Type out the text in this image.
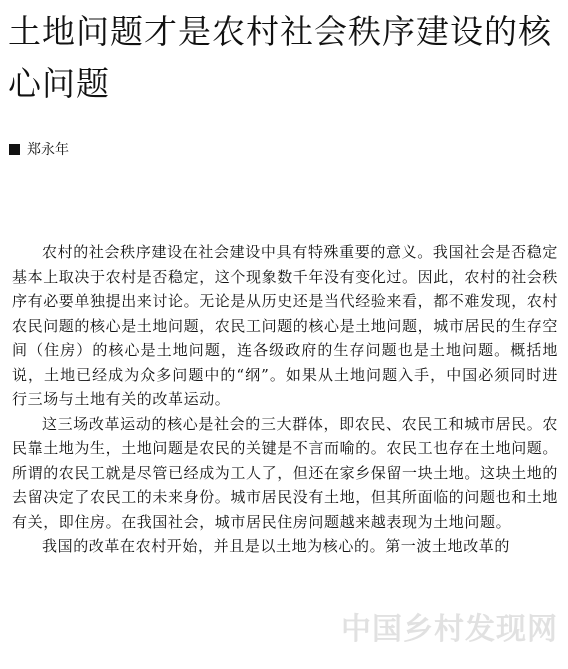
土地问题才是农村社会秩序建设的核心问题
郑永年

农村的社会秩序建设在社会建设中具有特殊重要的意义。我国社会是否稳定基本上取决于农村是否稳定，这个现象数千年没有变化过。因此，农村的社会秩序有必要单独提出来讨论。无论是从历史还是当代经验来看，都不难发现，农村农民问题的核心是土地问题，农民工问题的核心是土地问题，城市居民的生存空间（住房）的核心是土地问题，连各级政府的生存问题也是土地问题。概括地说，土地已经成为众多问题中的“纲”。如果从土地问题入手，中国必须同时进行三场与土地有关的改革运动。

这三场改革运动的核心是社会的三大群体，即农民、农民工和城市居民。农民靠土地为生，土地问题是农民的关键是不言而喻的。农民工也存在土地问题。所谓的农民工就是尽管已经成为工人了，但还在家乡保留一块土地。这块土地的去留决定了农民工的未来身份。城市居民没有土地，但其所面临的问题也和土地有关，即住房。在我国社会，城市居民住房问题越来越表现为土地问题。

我国的改革在农村开始，并且是以土地为核心的。第一波土地改革的

中国乡村发现网
